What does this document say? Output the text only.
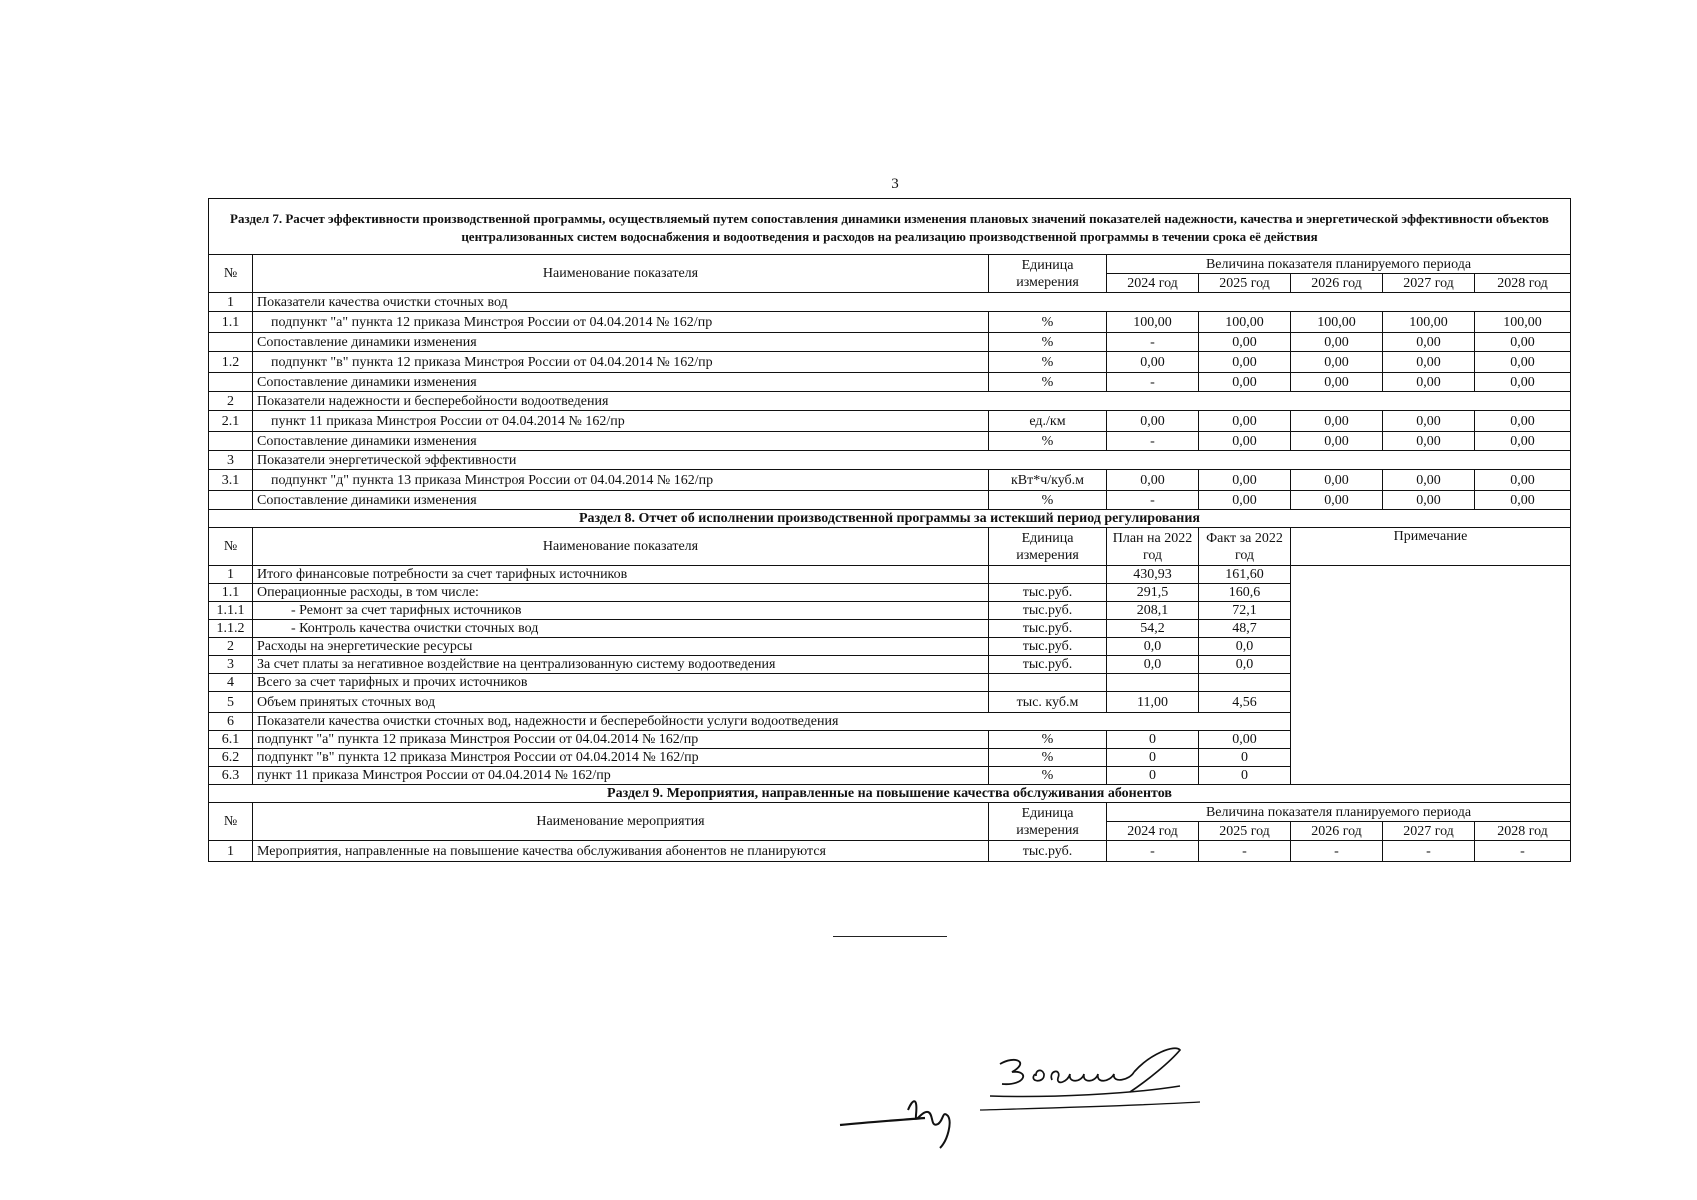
3
Раздел 7. Расчет эффективности производственной программы, осуществляемый путем сопоставления динамики изменения плановых значений показателей надежности, качества и энергетической эффективности объектов централизованных систем водоснабжения и водоотведения и расходов на реализацию производственной программы в течении срока её действия							
№	Наименование показателя	Единица измерения	Величина показателя планируемого периода				
			2024 год	2025 год	2026 год	2027 год	2028 год
1	Показатели качества очистки сточных вод						
1.1	подпункт "а" пункта 12 приказа Минстроя России от 04.04.2014 № 162/пр	%	100,00	100,00	100,00	100,00	100,00
	Сопоставление динамики изменения	%	-	0,00	0,00	0,00	0,00
1.2	подпункт "в" пункта 12 приказа Минстроя России от 04.04.2014 № 162/пр	%	0,00	0,00	0,00	0,00	0,00
	Сопоставление динамики изменения	%	-	0,00	0,00	0,00	0,00
2	Показатели надежности и бесперебойности водоотведения						
2.1	пункт 11 приказа Минстроя России от 04.04.2014 № 162/пр	ед./км	0,00	0,00	0,00	0,00	0,00
	Сопоставление динамики изменения	%	-	0,00	0,00	0,00	0,00
3	Показатели энергетической эффективности						
3.1	подпункт "д" пункта 13 приказа Минстроя России от 04.04.2014 № 162/пр	кВт*ч/куб.м	0,00	0,00	0,00	0,00	0,00
	Сопоставление динамики изменения	%	-	0,00	0,00	0,00	0,00
Раздел 8. Отчет об исполнении производственной программы за истекший период регулирования							
№	Наименование показателя	Единица измерения	План на 2022 год	Факт за 2022 год	Примечание		
1	Итого финансовые потребности за счет тарифных источников		430,93	161,60			
1.1	Операционные расходы, в том числе:	тыс.руб.	291,5	160,6			
1.1.1	- Ремонт за счет тарифных источников	тыс.руб.	208,1	72,1			
1.1.2	- Контроль качества очистки сточных вод	тыс.руб.	54,2	48,7			
2	Расходы на энергетические ресурсы	тыс.руб.	0,0	0,0			
3	За счет платы за негативное воздействие на централизованную систему водоотведения	тыс.руб.	0,0	0,0			
4	Всего за счет тарифных и прочих источников						
5	Объем принятых сточных вод	тыс. куб.м	11,00	4,56			
6	Показатели качества очистки сточных вод, надежности и бесперебойности услуги водоотведения						
6.1	подпункт "а" пункта 12 приказа Минстроя России от 04.04.2014 № 162/пр	%	0	0,00			
6.2	подпункт "в" пункта 12 приказа Минстроя России от 04.04.2014 № 162/пр	%	0	0			
6.3	пункт 11 приказа Минстроя России от 04.04.2014 № 162/пр	%	0	0			
Раздел 9. Мероприятия, направленные на повышение качества обслуживания абонентов							
№	Наименование мероприятия	Единица измерения	Величина показателя планируемого периода				
			2024 год	2025 год	2026 год	2027 год	2028 год
1	Мероприятия, направленные на повышение качества обслуживания абонентов не планируются	тыс.руб.	-	-	-	-	-
